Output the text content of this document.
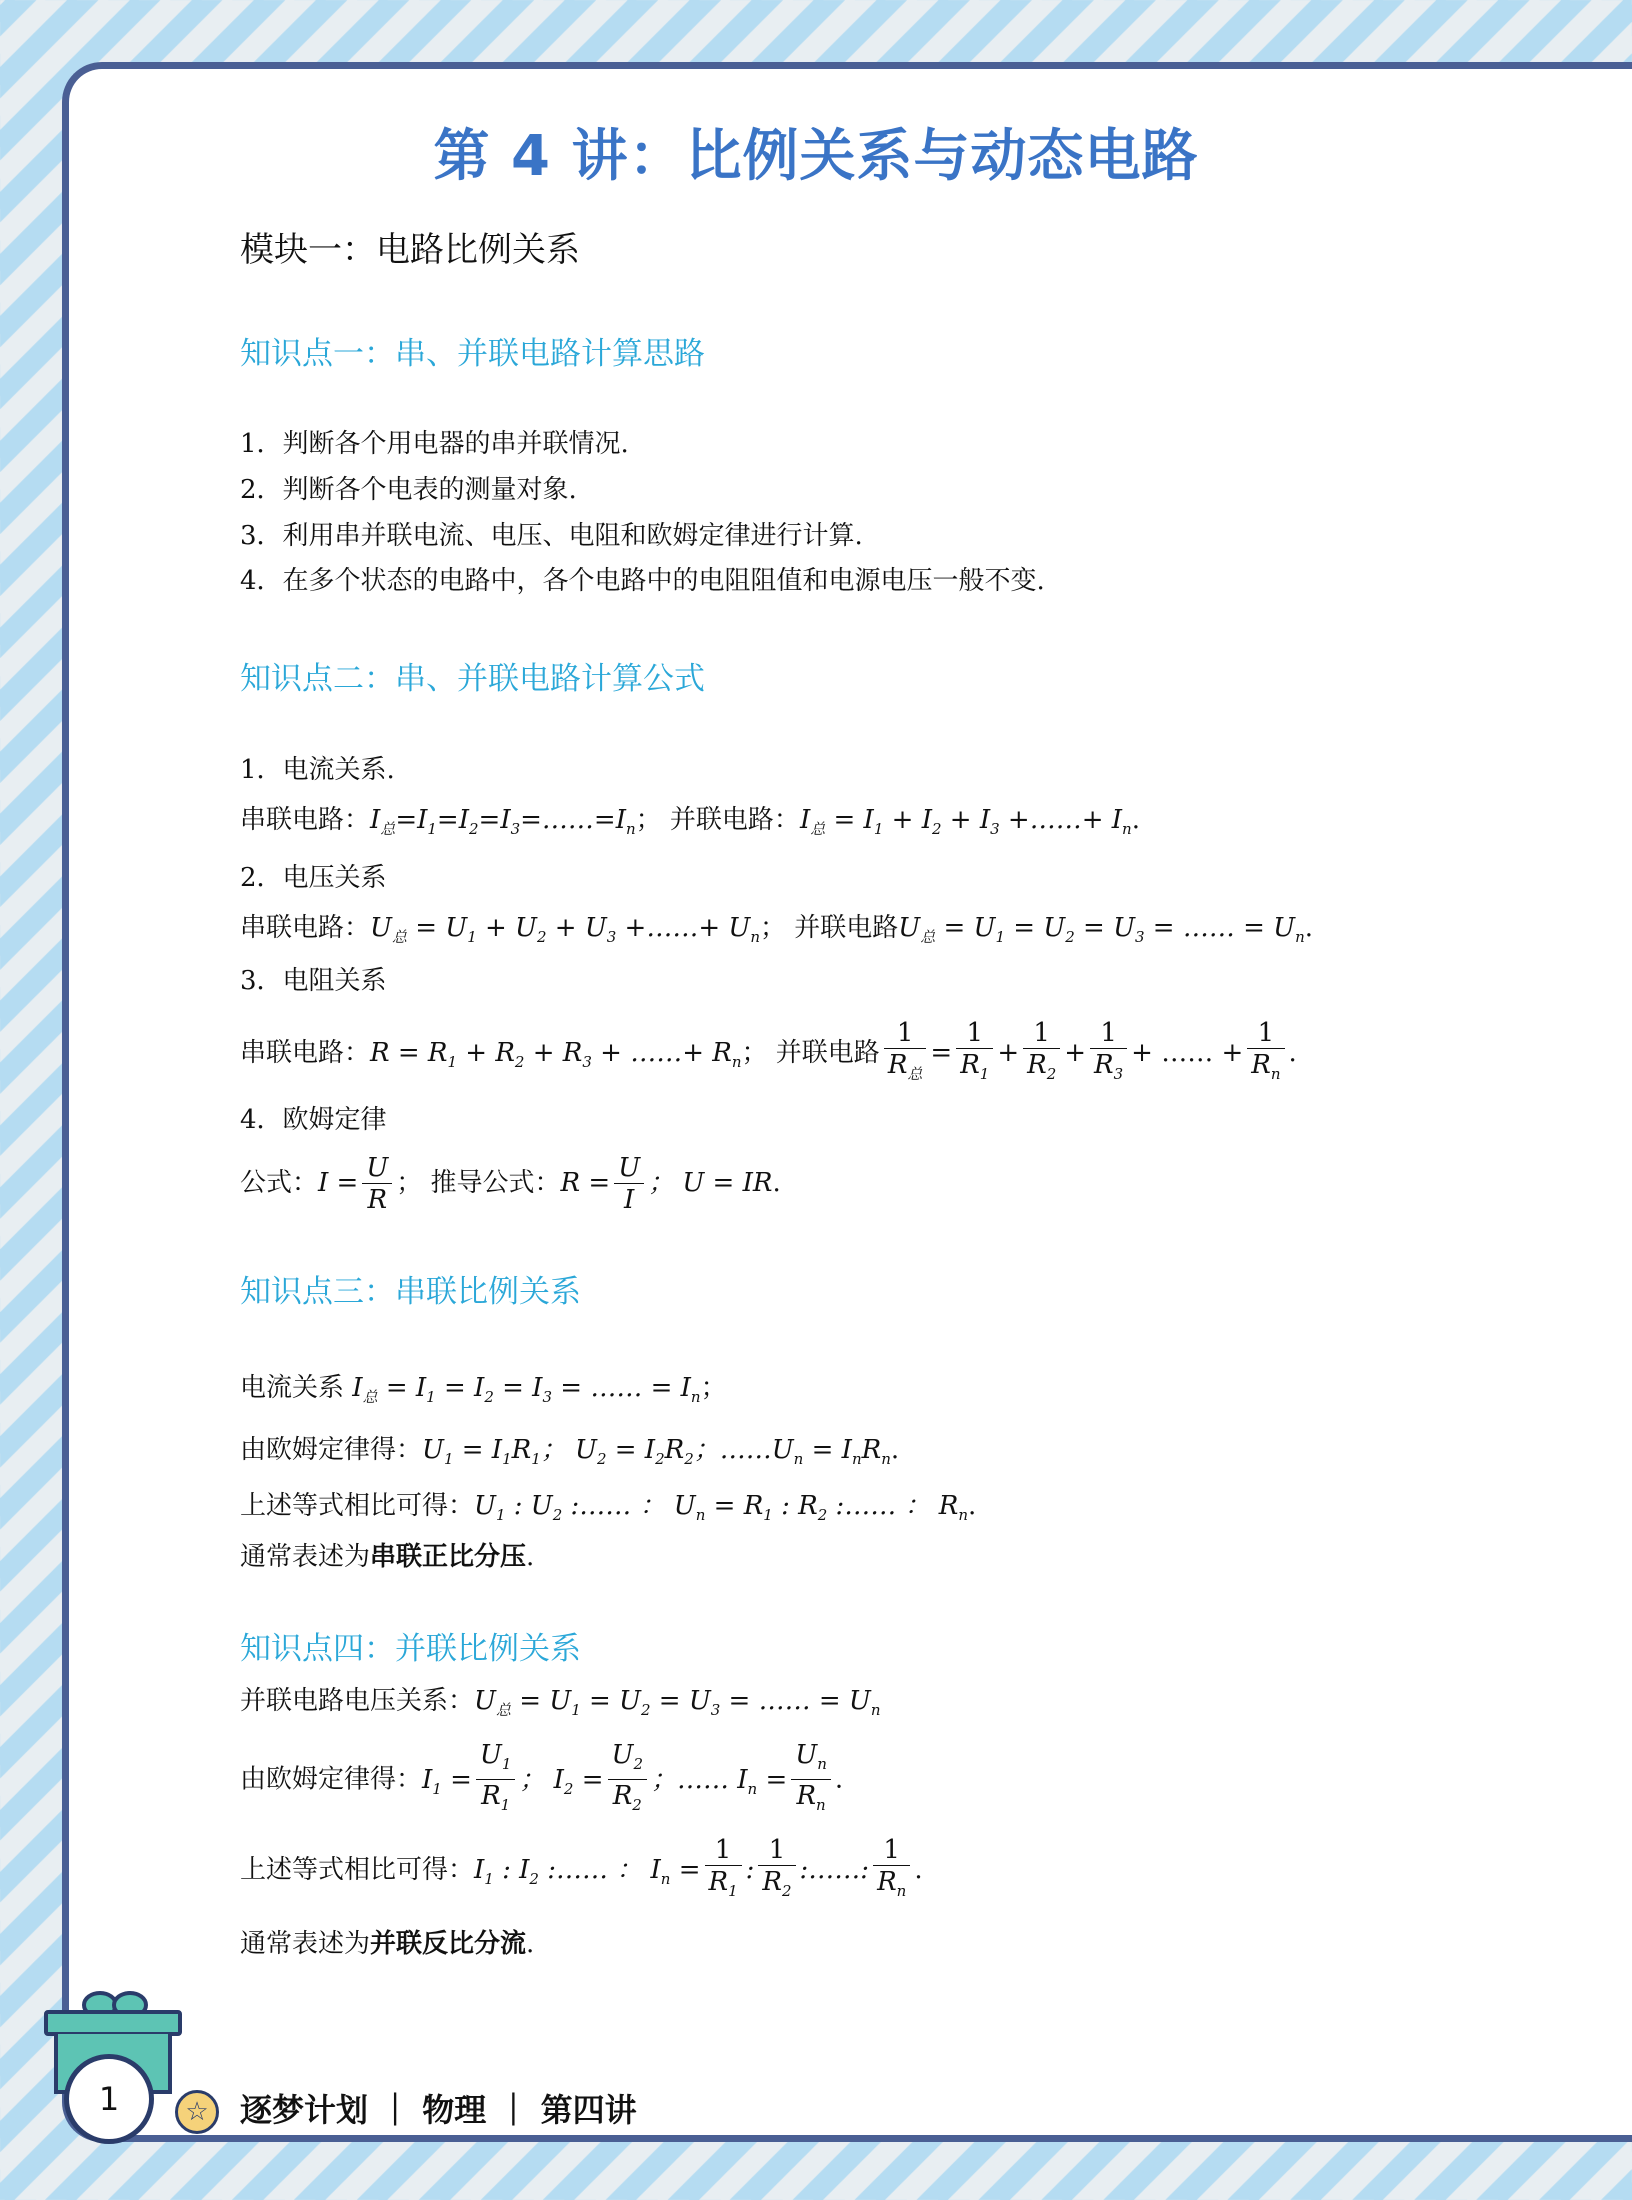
第 4 讲：比例关系与动态电路
模块一：电路比例关系
知识点一：串、并联电路计算思路
1．判断各个用电器的串并联情况.
2．判断各个电表的测量对象.
3．利用串并联电流、电压、电阻和欧姆定律进行计算.
4．在多个状态的电路中，各个电路中的电阻阻值和电源电压一般不变.
知识点二：串、并联电路计算公式
1．电流关系.
串联电路：$I_总=I_1=I_2=I_3=\dots\dots=I_n$； 并联电路：$I_总 = I_1 + I_2 + I_3$ +……+ $I_n$.
2．电压关系
串联电路：$U_总 = U_1 + U_2 + U_3$ +……+ $U_n$； 并联电路$U_总 = U_1 = U_2 = U_3$ = …… = $U_n$.
3．电阻关系
串联电路：$R = R_1 + R_2 + R_3$ + ……+ $R_n$； 并联电路 $\frac{1}{R_总} = \frac{1}{R_1} + \frac{1}{R_2} + \frac{1}{R_3}$ + …… + $\frac{1}{R_n}$ .
4．欧姆定律
公式：$I = \frac{U}{R}$ ； 推导公式：$R = \frac{U}{I}$ ； U = IR.
知识点三：串联比例关系
电流关系 $I_总 = I_1 = I_2 = I_3$ = …… = $I_n$；
由欧姆定律得：$U_1 = I_1R_1$； $U_2 = I_2R_2$；$\dots\dots U_n = I_nR_n$.
上述等式相比可得：$U_1$ : $U_2$ :…… ： $U_n = R_1$ : $R_2$ :…… ： $R_n$.
通常表述为串联正比分压.
知识点四：并联比例关系
并联电路电压关系：$U_总 = U_1 = U_2 = U_3$ = …… = $U_n$
由欧姆定律得：$I_1 = \frac{U_1}{R_1}$ ； $I_2 = \frac{U_2}{R_2}$ ；…… $I_n = \frac{U_n}{R_n}$ .
上述等式相比可得：$I_1$ : $I_2$ :…… ： $I_n = \frac{1}{R_1}$ : $\frac{1}{R_2}$ :……: $\frac{1}{R_n}$ .
通常表述为并联反比分流.
1	☆ 逐梦计划 ｜ 物理 ｜ 第四讲
